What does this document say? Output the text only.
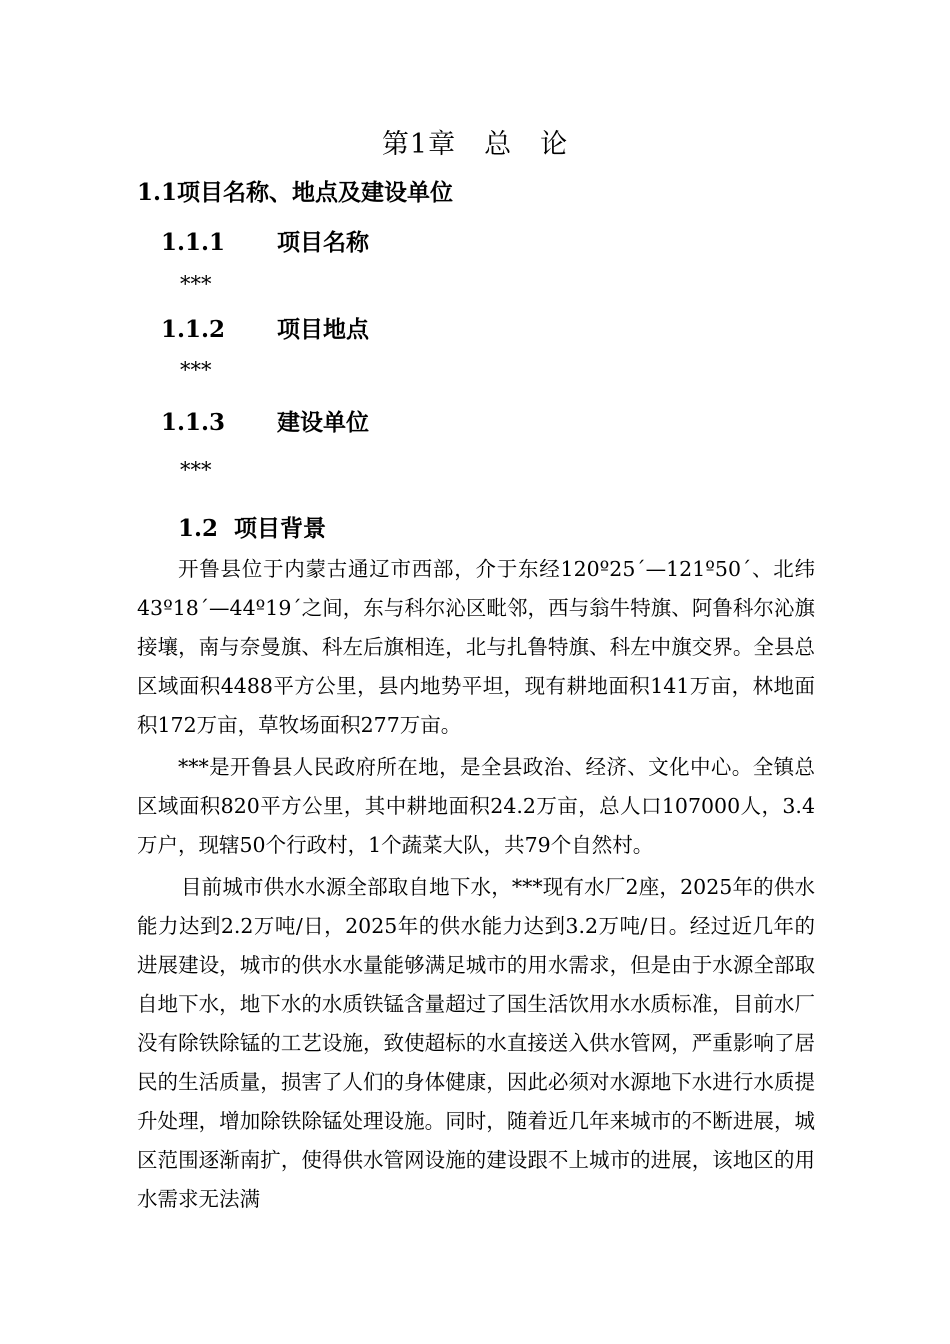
第1章　总　论
1.1项目名称、地点及建设单位
1.1.1 项目名称
***
1.1.2 项目地点
***
1.1.3 建设单位
***
1.2  项目背景

开鲁县位于内蒙古通辽市西部，介于东经120º25´—121º50´、北纬43º18´—44º19´之间，东与科尔沁区毗邻，西与翁牛特旗、阿鲁科尔沁旗接壤，南与奈曼旗、科左后旗相连，北与扎鲁特旗、科左中旗交界。全县总区域面积4488平方公里，县内地势平坦，现有耕地面积141万亩，林地面积172万亩，草牧场面积277万亩。

***是开鲁县人民政府所在地，是全县政治、经济、文化中心。全镇总区域面积820平方公里，其中耕地面积24.2万亩，总人口107000人，3.4万户，现辖50个行政村，1个蔬菜大队，共79个自然村。

目前城市供水水源全部取自地下水，***现有水厂2座，2025年的供水能力达到2.2万吨/日，2025年的供水能力达到3.2万吨/日。经过近几年的进展建设，城市的供水水量能够满足城市的用水需求，但是由于水源全部取自地下水，地下水的水质铁锰含量超过了国生活饮用水水质标准，目前水厂没有除铁除锰的工艺设施，致使超标的水直接送入供水管网，严重影响了居民的生活质量，损害了人们的身体健康，因此必须对水源地下水进行水质提升处理，增加除铁除锰处理设施。同时，随着近几年来城市的不断进展，城区范围逐渐南扩，使得供水管网设施的建设跟不上城市的进展，该地区的用水需求无法满
